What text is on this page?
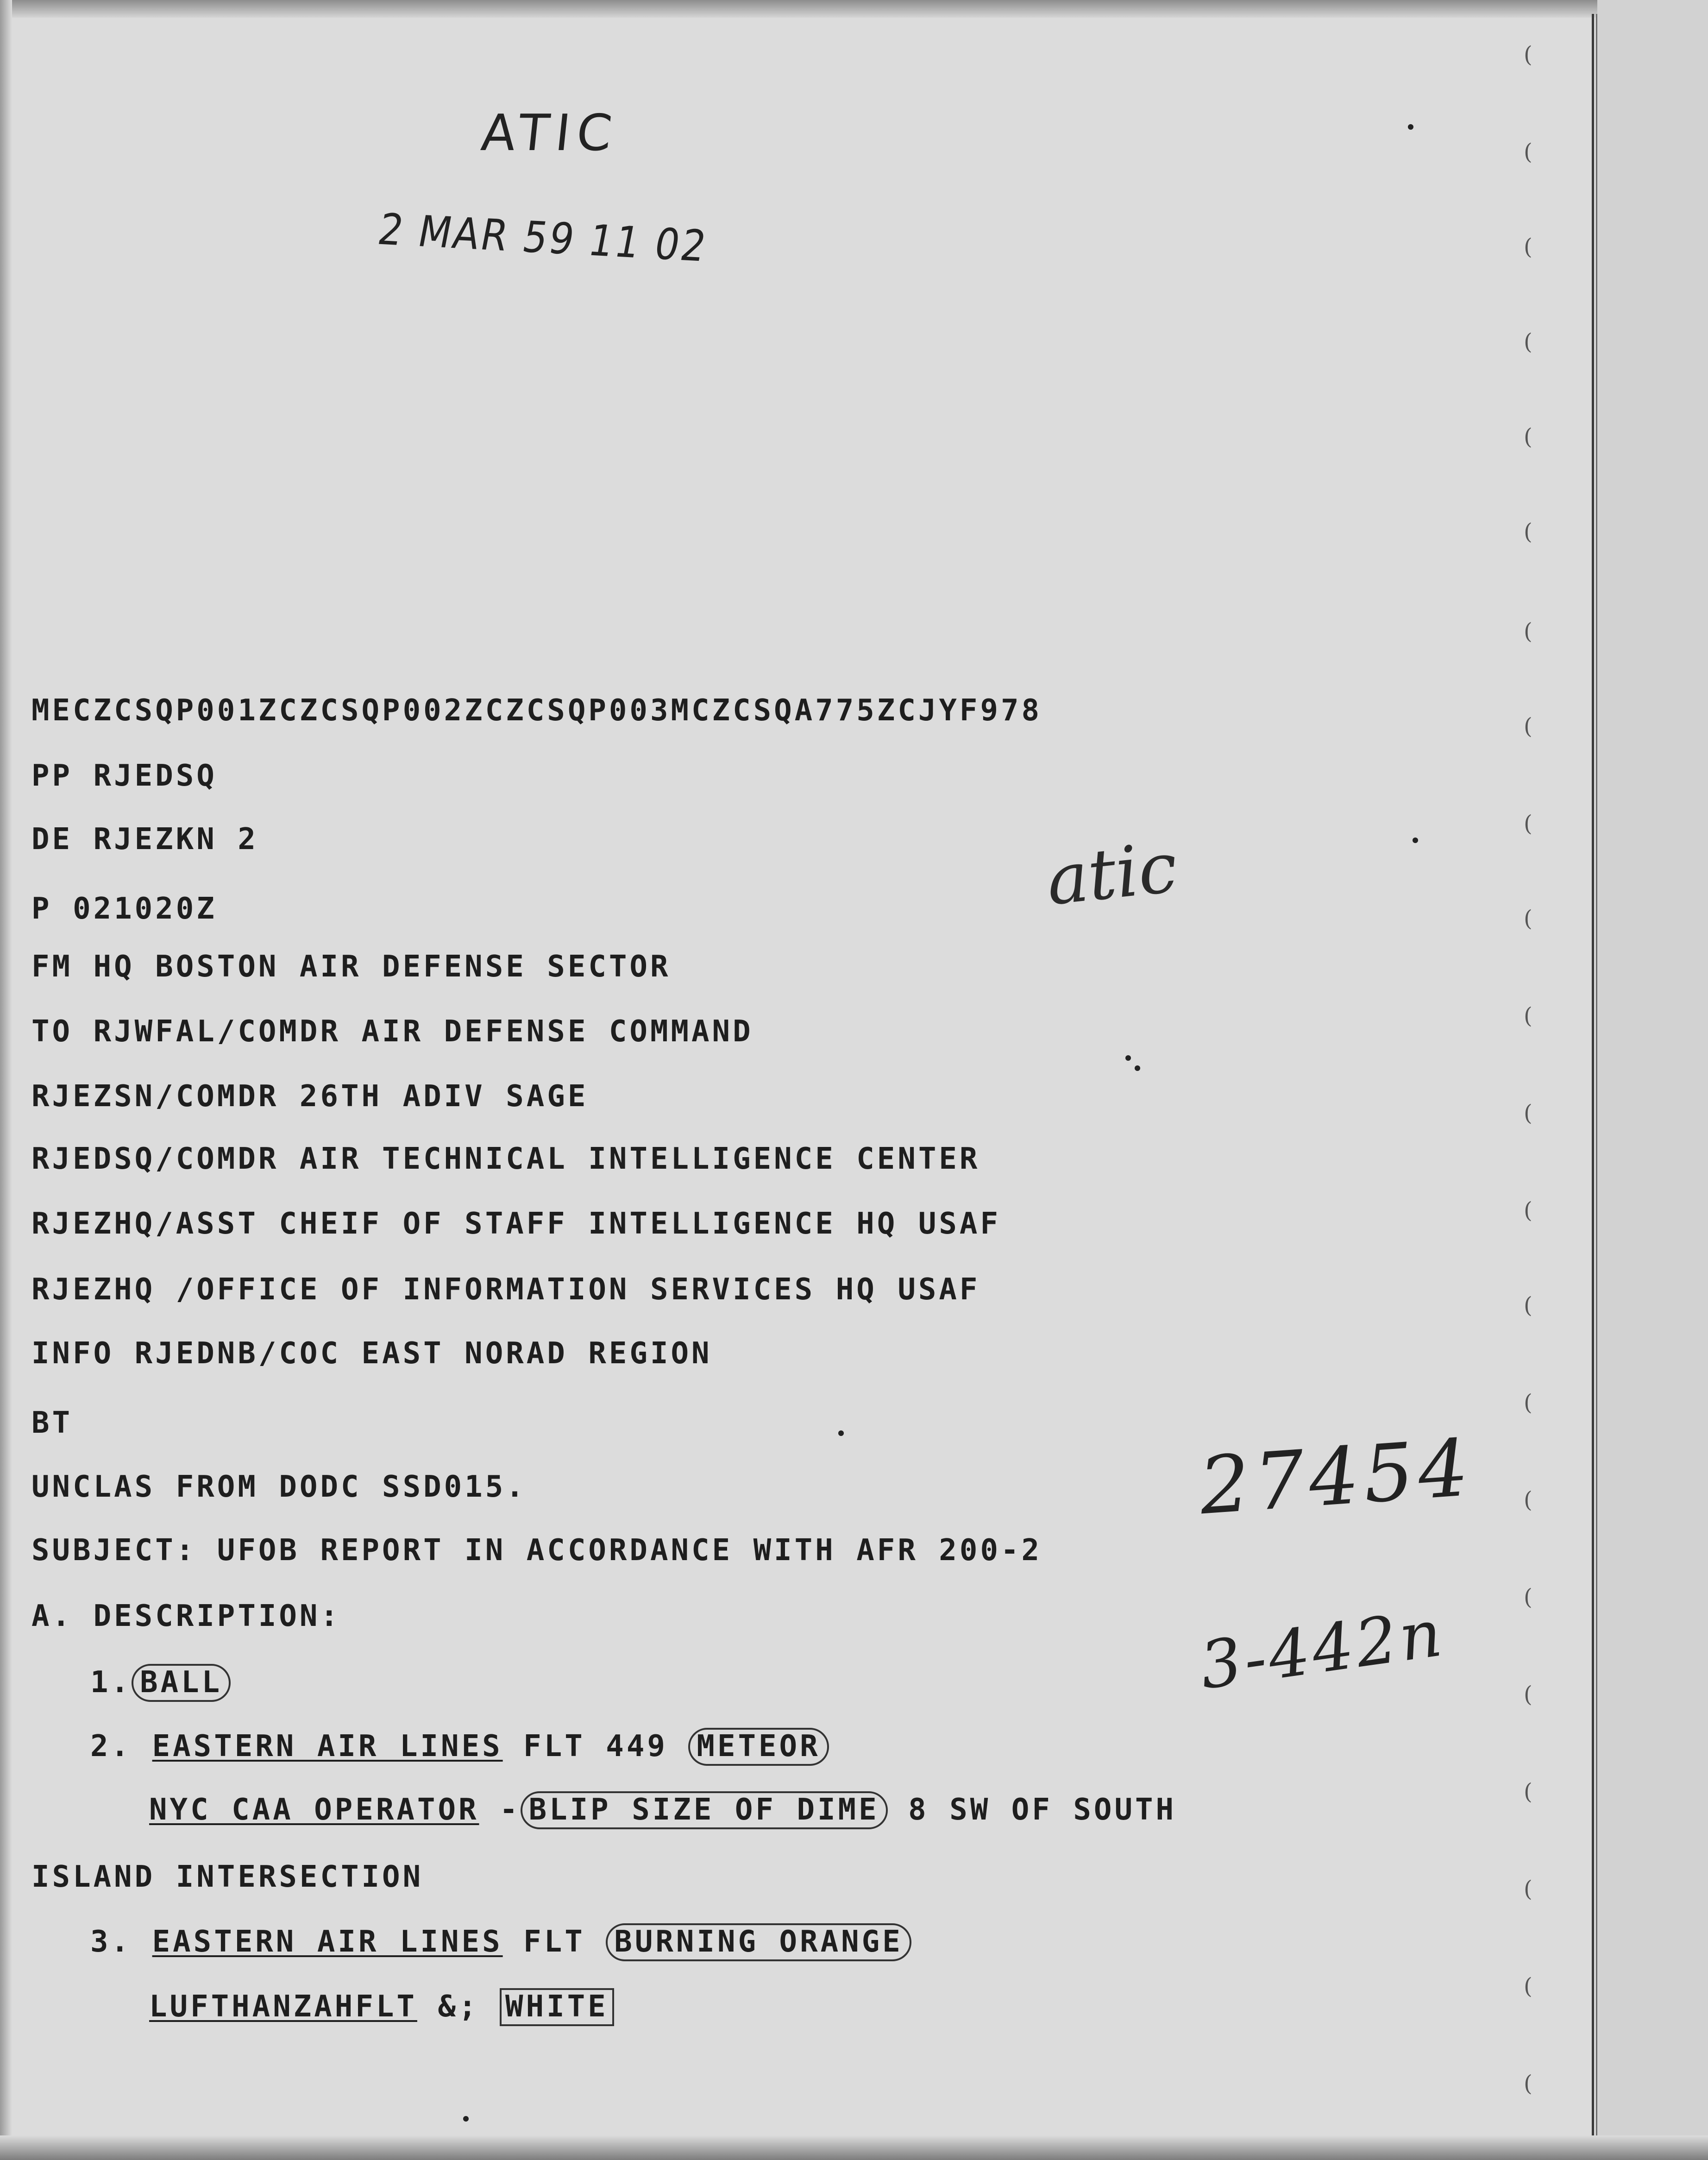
(
(
(
(
(
(
(
(
(
(
(
(
(
(
(
(
(
(
(
(
(
(
ATIC
2 MAR 59 11 02
atic
27454
3-442n
MECZCSQP001ZCZCSQP002ZCZCSQP003MCZCSQA775ZCJYF978
PP RJEDSQ
DE RJEZKN 2
P 021020Z
FM HQ BOSTON AIR DEFENSE SECTOR
TO RJWFAL/COMDR AIR DEFENSE COMMAND
RJEZSN/COMDR 26TH ADIV SAGE
RJEDSQ/COMDR AIR TECHNICAL INTELLIGENCE CENTER
RJEZHQ/ASST CHEIF OF STAFF INTELLIGENCE HQ USAF
RJEZHQ /OFFICE OF INFORMATION SERVICES HQ USAF
INFO RJEDNB/COC EAST NORAD REGION
BT
UNCLAS FROM DODC SSD015.
SUBJECT: UFOB REPORT IN ACCORDANCE WITH AFR 200-2
A. DESCRIPTION:
1. BALL
2. EASTERN AIR LINES FLT 449 METEOR
NYC CAA OPERATOR - BLIP SIZE OF DIME 8 SW OF SOUTH
ISLAND INTERSECTION
3. EASTERN AIR LINES FLT BURNING ORANGE
LUFTHANZAHFLT &; WHITE
